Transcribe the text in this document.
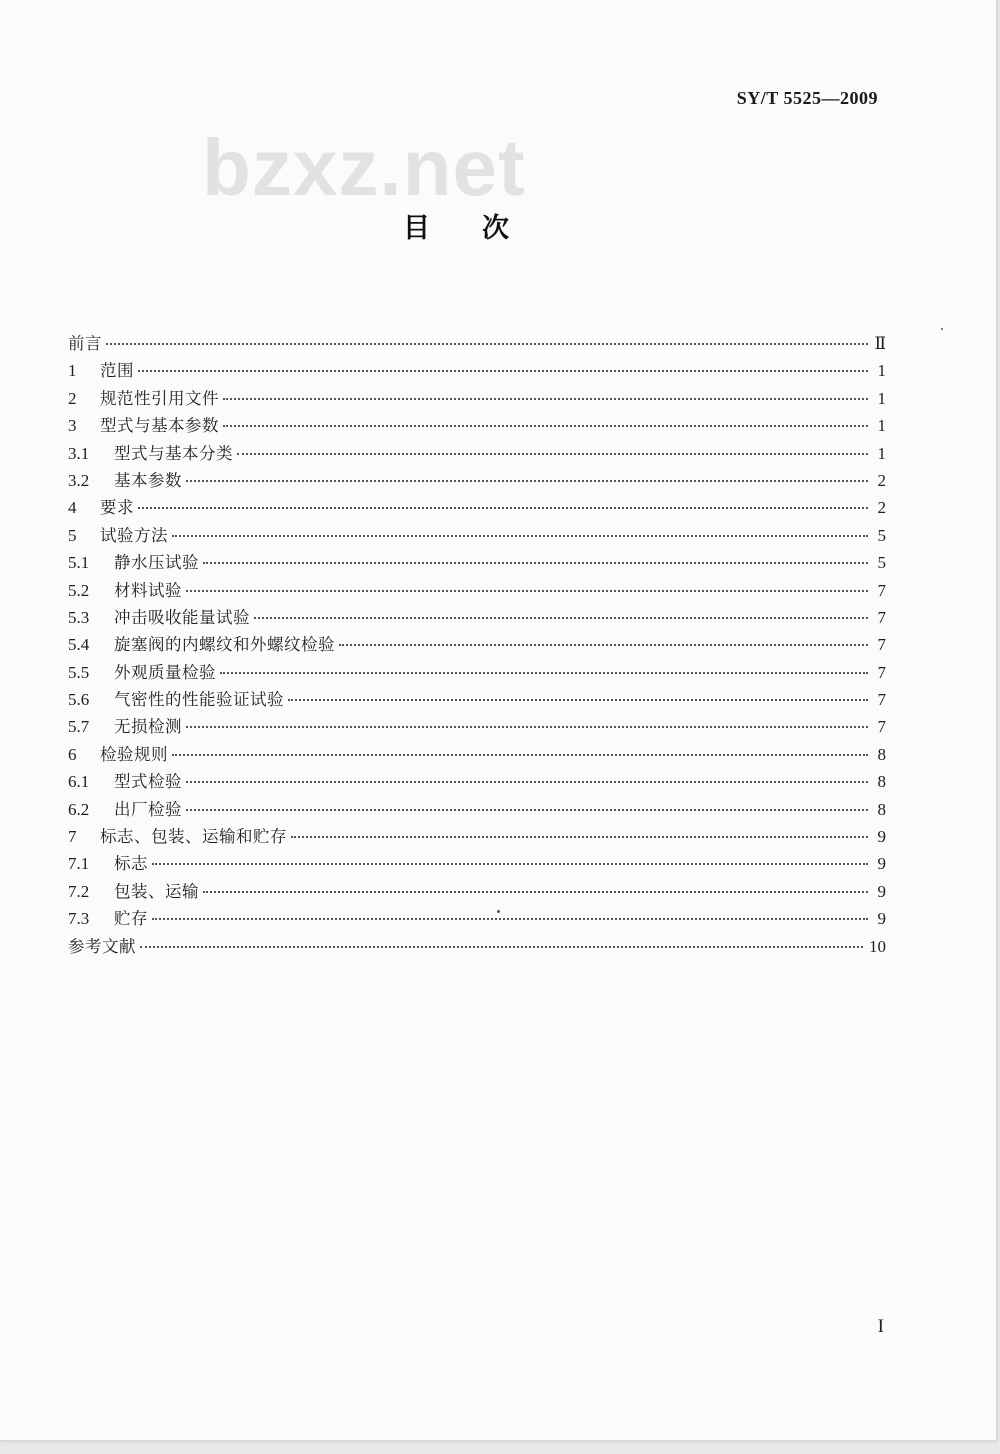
SY/T 5525—2009
bzxz.net
目次
前言	Ⅱ
1	范围	1
2	规范性引用文件	1
3	型式与基本参数	1
3.1	型式与基本分类	1
3.2	基本参数	2
4	要求	2
5	试验方法	5
5.1	静水压试验	5
5.2	材料试验	7
5.3	冲击吸收能量试验	7
5.4	旋塞阀的内螺纹和外螺纹检验	7
5.5	外观质量检验	7
5.6	气密性的性能验证试验	7
5.7	无损检测	7
6	检验规则	8
6.1	型式检验	8
6.2	出厂检验	8
7	标志、包装、运输和贮存	9
7.1	标志	9
7.2	包装、运输	9
7.3	贮存	9
参考文献	10
I
